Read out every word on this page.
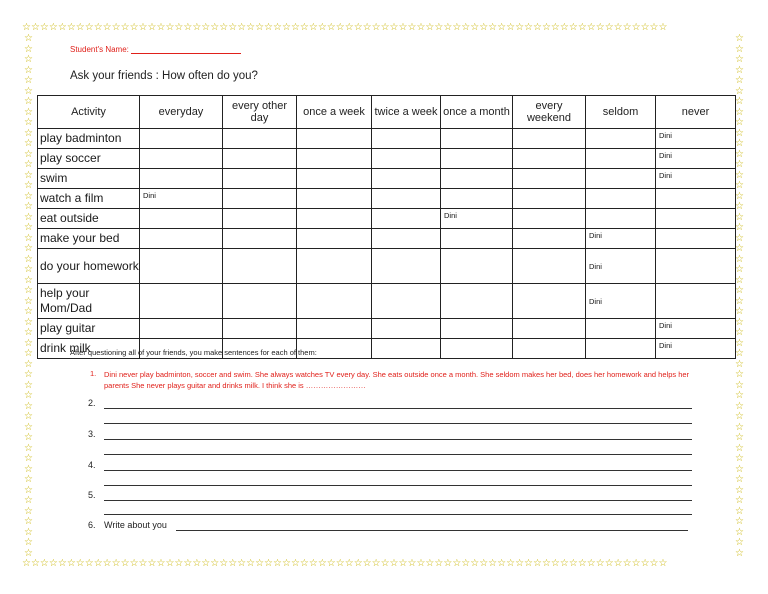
☆☆☆☆☆☆☆☆☆☆☆☆☆☆☆☆☆☆☆☆☆☆☆☆☆☆☆☆☆☆☆☆☆☆☆☆☆☆☆☆☆☆☆☆☆☆☆☆☆☆☆☆☆☆☆☆☆☆☆☆☆☆☆☆☆☆☆☆☆☆☆☆
☆☆☆☆☆☆☆☆☆☆☆☆☆☆☆☆☆☆☆☆☆☆☆☆☆☆☆☆☆☆☆☆☆☆☆☆☆☆☆☆☆☆☆☆☆☆☆☆☆☆☆☆☆☆☆☆☆☆☆☆☆☆☆☆☆☆☆☆☆☆☆☆
☆☆☆☆☆☆☆☆☆☆☆☆☆☆☆☆☆☆☆☆☆☆☆☆☆☆☆☆☆☆☆☆☆☆☆☆☆☆☆☆☆☆☆☆☆☆☆☆☆☆
☆☆☆☆☆☆☆☆☆☆☆☆☆☆☆☆☆☆☆☆☆☆☆☆☆☆☆☆☆☆☆☆☆☆☆☆☆☆☆☆☆☆☆☆☆☆☆☆☆☆
Student's Name:
Ask your friends : How often do you?
Activity	everyday	every other day	once a week	twice a week	once a month	every weekend	seldom	never
play badminton								Dini
play soccer								Dini
swim								Dini
watch a film	Dini							
eat outside					Dini			
make your bed							Dini	
do your homework							Dini	
help your Mom/Dad							Dini	
play guitar								Dini
drink milk								Dini
After questioning all of your friends, you make sentences for each of them:
1. Dini never play badminton, soccer and swim. She always watches TV every day. She eats outside once a month. She seldom makes her bed, does her homework and helps her parents She never plays guitar and drinks milk. I think she is ……………………
2.
3.
4.
5.
6. Write about you
